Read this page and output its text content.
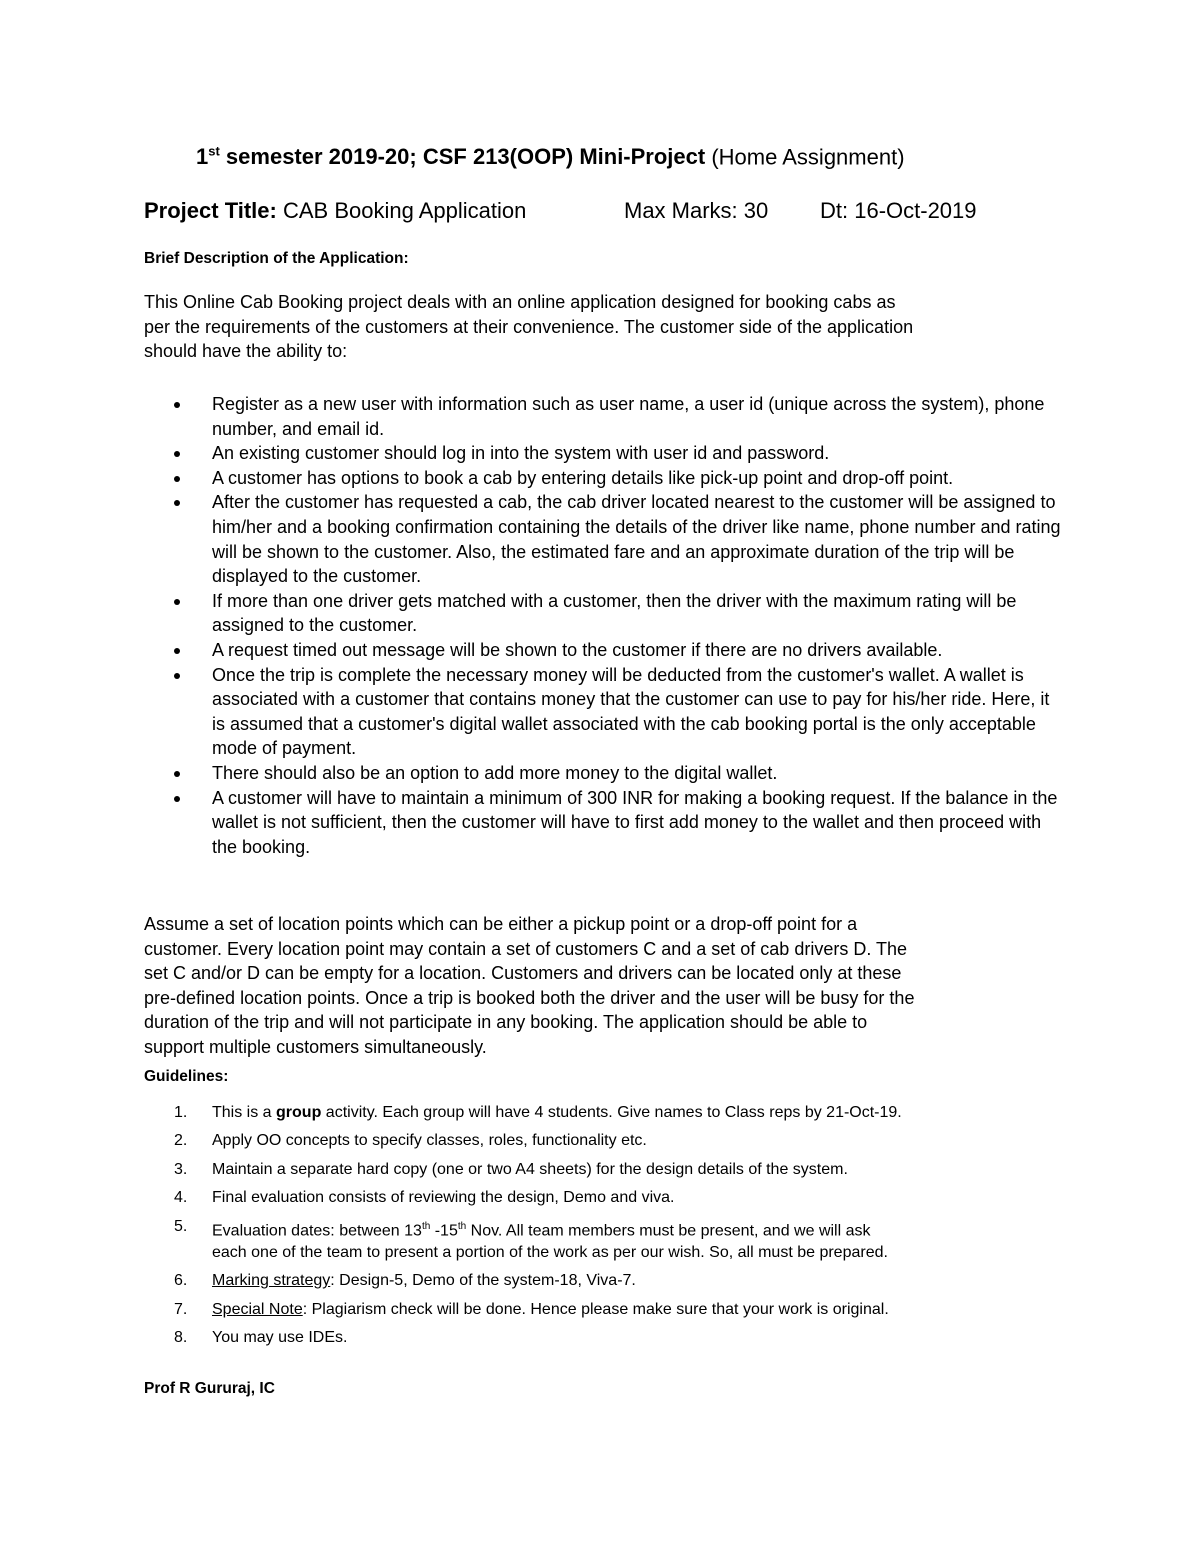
1st semester 2019-20; CSF 213(OOP) Mini-Project (Home Assignment)
Project Title: CAB Booking Application	Max Marks: 30 Dt: 16-Oct-2019
Brief Description of the Application:
This Online Cab Booking project deals with an online application designed for booking cabs as
per the requirements of the customers at their convenience. The customer side of the application
should have the ability to:
Register as a new user with information such as user name, a user id (unique across the system), phone number, and email id.
An existing customer should log in into the system with user id and password.
A customer has options to book a cab by entering details like pick-up point and drop-off point.
After the customer has requested a cab, the cab driver located nearest to the customer will be assigned to him/her and a booking confirmation containing the details of the driver like name, phone number and rating will be shown to the customer. Also, the estimated fare and an approximate duration of the trip will be displayed to the customer.
If more than one driver gets matched with a customer, then the driver with the maximum rating will be assigned to the customer.
A request timed out message will be shown to the customer if there are no drivers available.
Once the trip is complete the necessary money will be deducted from the customer's wallet. A wallet is associated with a customer that contains money that the customer can use to pay for his/her ride. Here, it is assumed that a customer's digital wallet associated with the cab booking portal is the only acceptable mode of payment.
There should also be an option to add more money to the digital wallet.
A customer will have to maintain a minimum of 300 INR for making a booking request. If the balance in the wallet is not sufficient, then the customer will have to first add money to the wallet and then proceed with the booking.
Assume a set of location points which can be either a pickup point or a drop-off point for a
customer. Every location point may contain a set of customers C and a set of cab drivers D. The
set C and/or D can be empty for a location. Customers and drivers can be located only at these
pre-defined location points. Once a trip is booked both the driver and the user will be busy for the
duration of the trip and will not participate in any booking. The application should be able to
support multiple customers simultaneously.
Guidelines:
1. This is a group activity. Each group will have 4 students. Give names to Class reps by 21-Oct-19.
2. Apply OO concepts to specify classes, roles, functionality etc.
3. Maintain a separate hard copy (one or two A4 sheets) for the design details of the system.
4. Final evaluation consists of reviewing the design, Demo and viva.
5. Evaluation dates: between 13th -15th Nov. All team members must be present, and we will ask
each one of the team to present a portion of the work as per our wish. So, all must be prepared.
6. Marking strategy: Design-5, Demo of the system-18, Viva-7.
7. Special Note: Plagiarism check will be done. Hence please make sure that your work is original.
8. You may use IDEs.
Prof R Gururaj, IC
